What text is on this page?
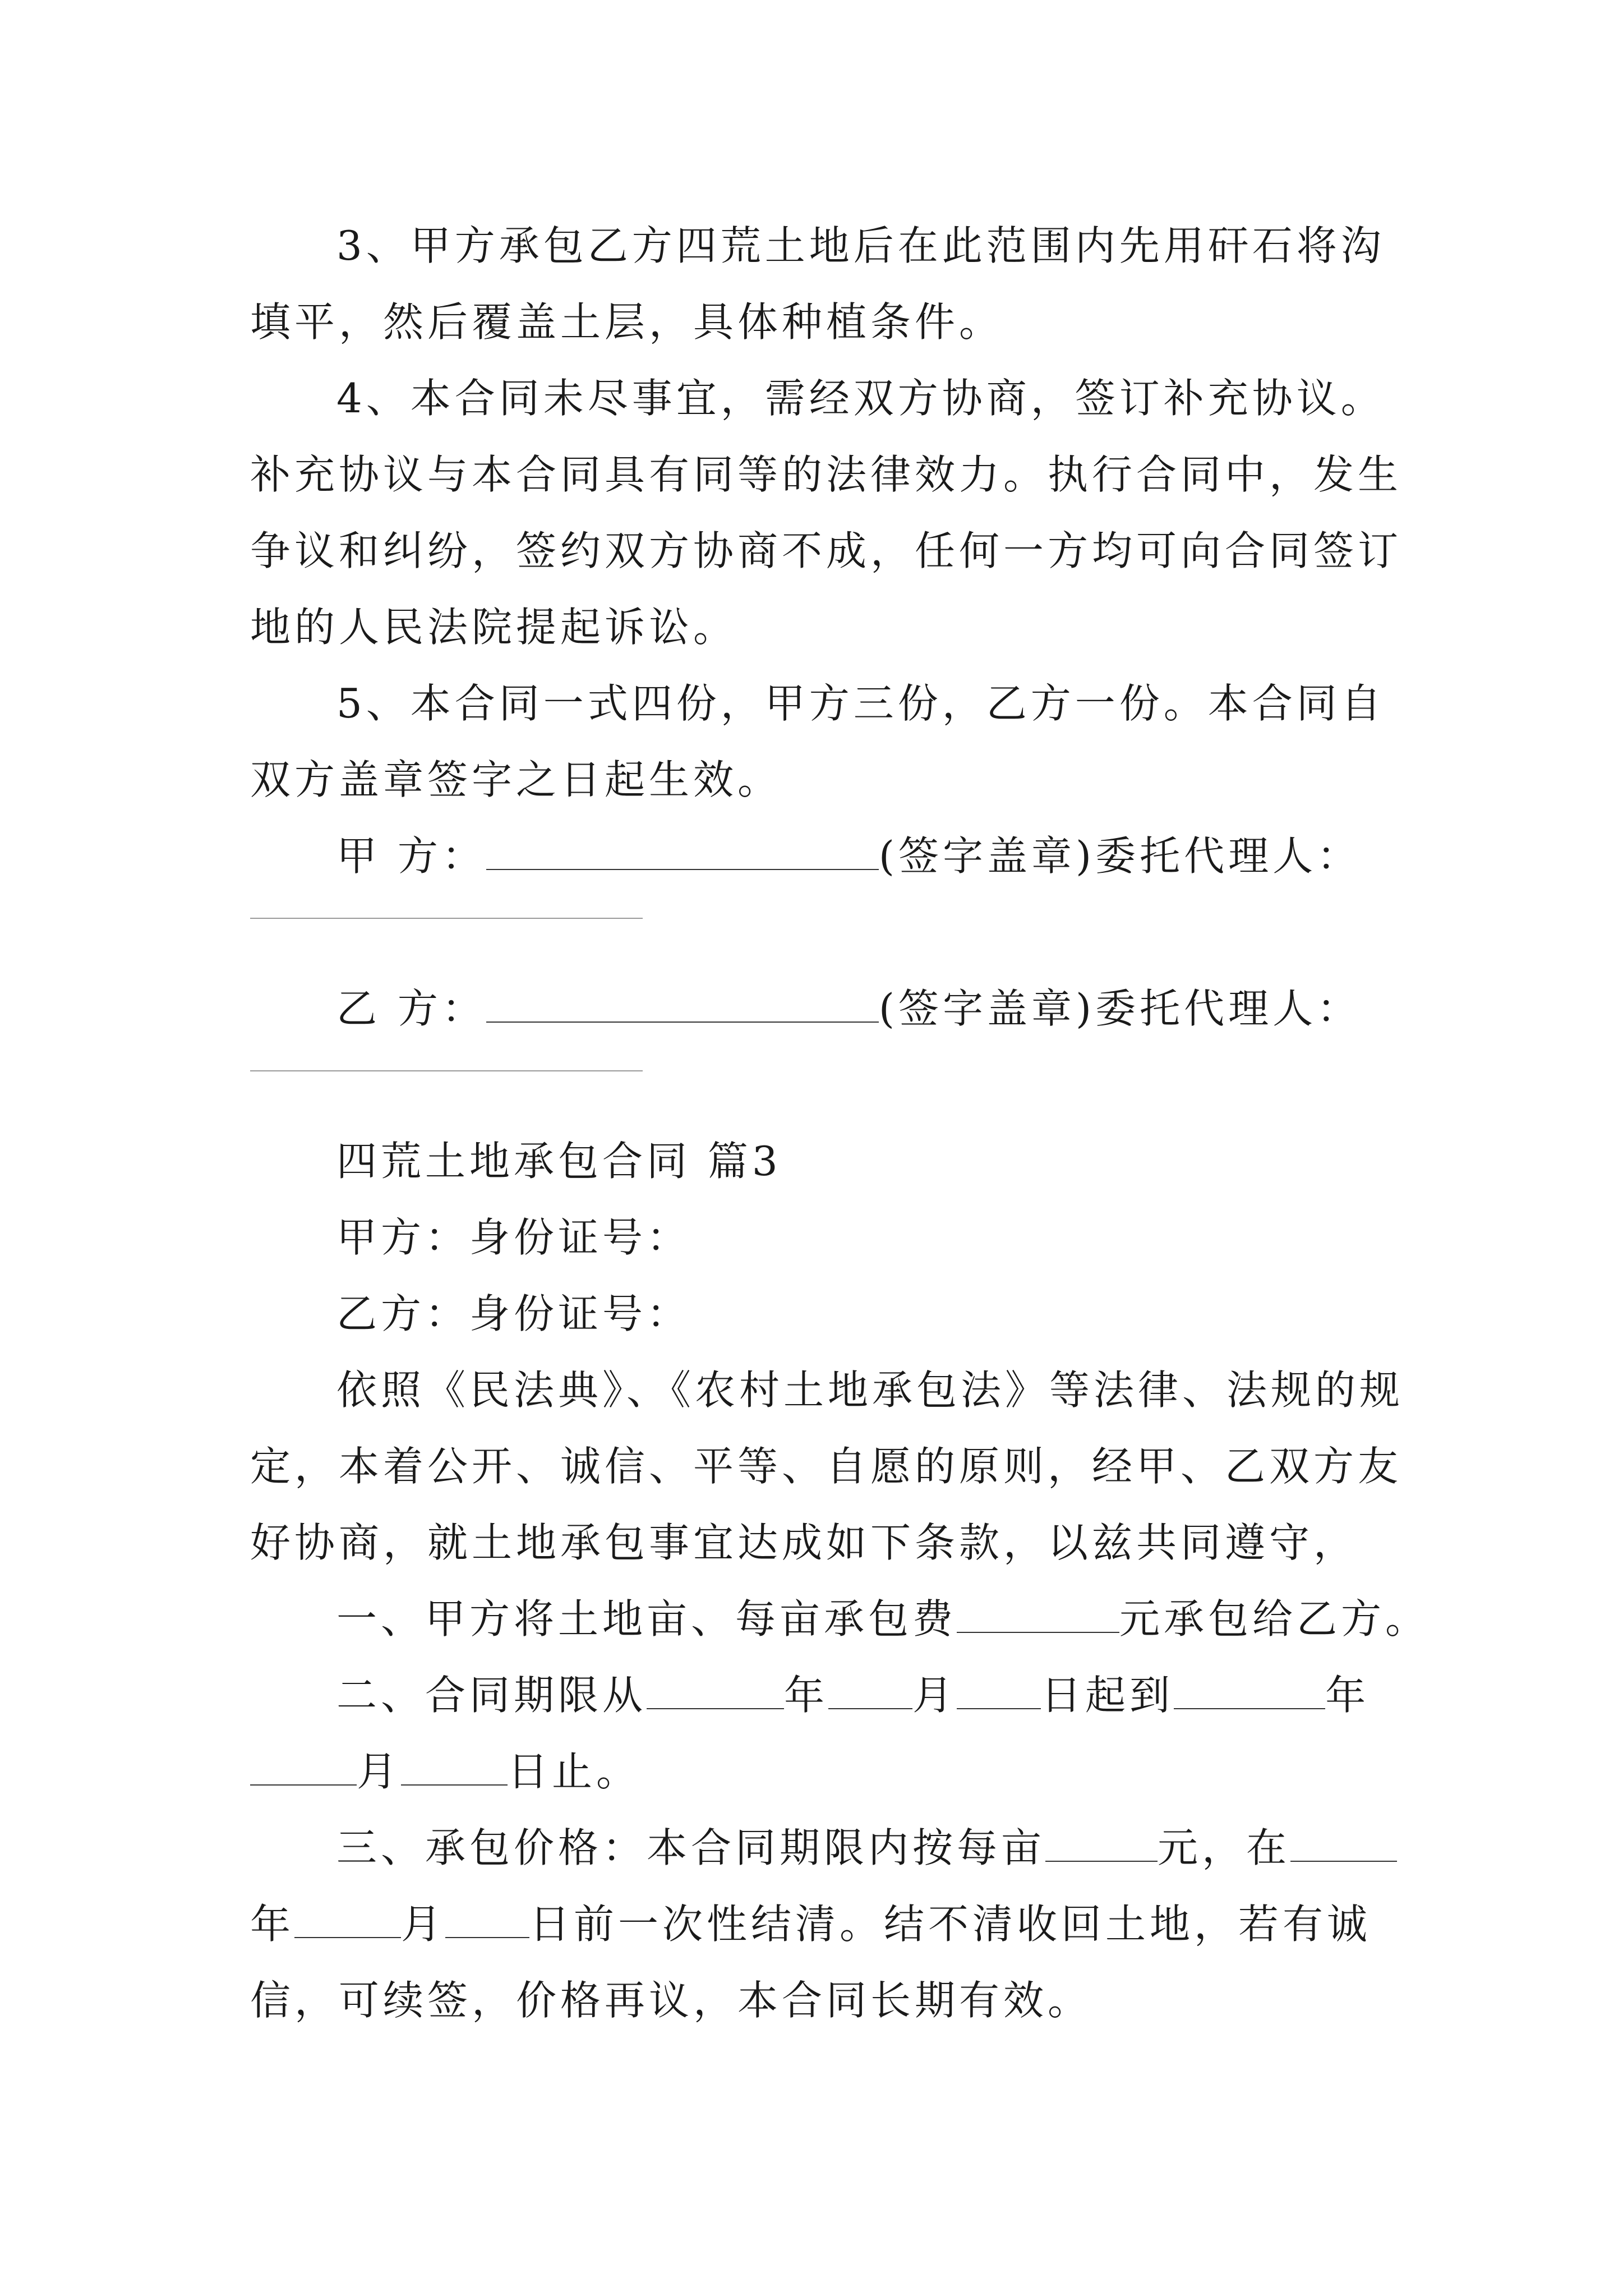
3、甲方承包乙方四荒土地后在此范围内先用矸石将沟

填平，然后覆盖土层，具体种植条件。

4、本合同未尽事宜，需经双方协商，签订补充协议。

补充协议与本合同具有同等的法律效力。执行合同中，发生

争议和纠纷，签约双方协商不成，任何一方均可向合同签订

地的人民法院提起诉讼。

5、本合同一式四份，甲方三份，乙方一份。本合同自

双方盖章签字之日起生效。

甲 方：	(签字盖章)委托代理人：

乙 方：	(签字盖章)委托代理人：

四荒土地承包合同 篇3

甲方：身份证号：

乙方：身份证号：

依照《民法典》、《农村土地承包法》等法律、法规的规

定，本着公开、诚信、平等、自愿的原则，经甲、乙双方友

好协商，就土地承包事宜达成如下条款，以兹共同遵守，

一、甲方将土地亩、每亩承包费	元承包给乙方。

二、合同期限从	年 月 日起到	年

月	日止。

三、承包价格：本合同期限内按每亩	元，在

年	月 日前一次性结清。结不清收回土地，若有诚

信，可续签，价格再议，本合同长期有效。
